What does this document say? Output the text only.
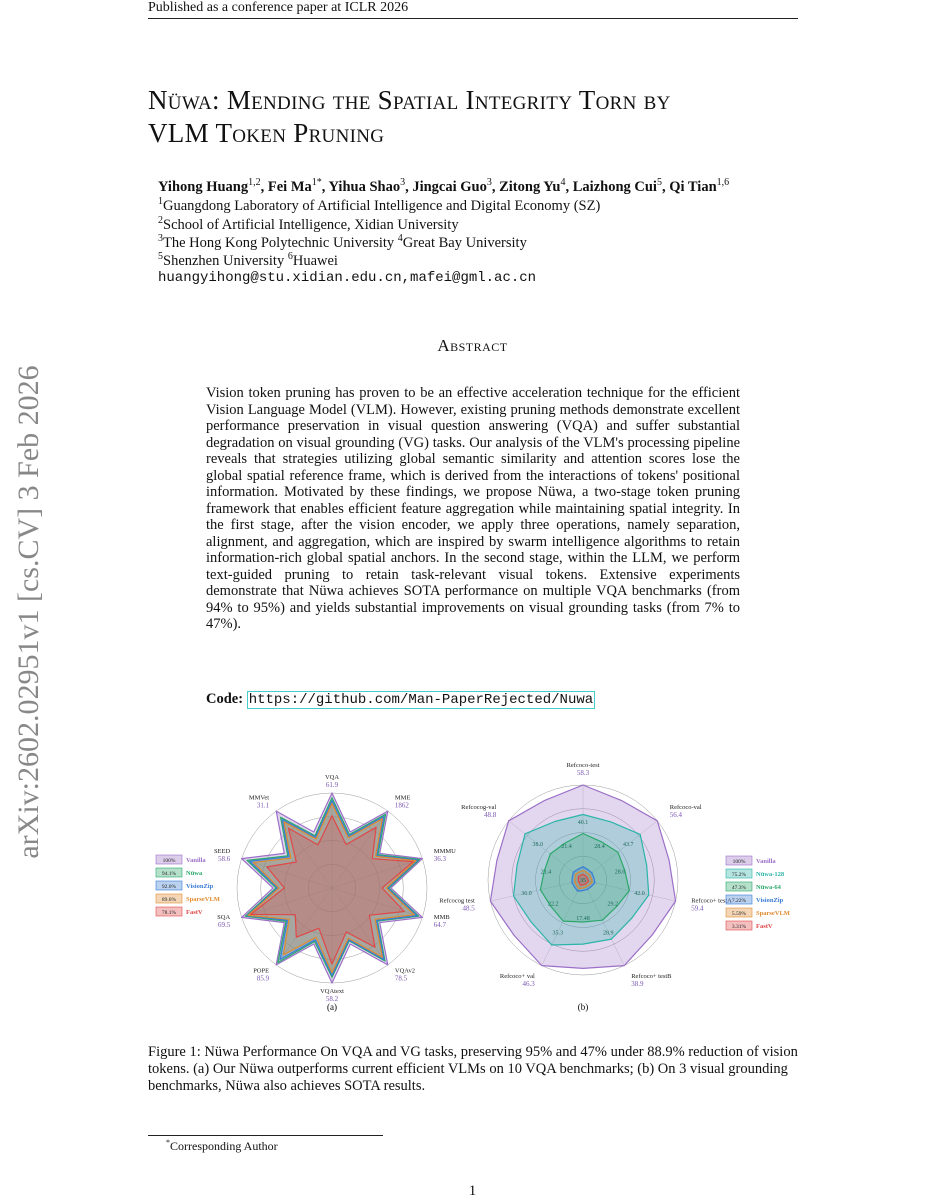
Published as a conference paper at ICLR 2026
Nüwa: Mending the Spatial Integrity Torn by
VLM Token Pruning
Yihong Huang$^{1,2}$, Fei $Ma^{1*}$, Yihua Shao$^3$, Jingcai Guo$^3$, Zitong Yu$^4$, Laizhong Cui$^5$, Qi Tian$^{1,6}$
$^1$Guangdong Laboratory of Artificial Intelligence and Digital Economy (SZ)
$^2$School of Artificial Intelligence, Xidian University
$^3$The Hong Kong Polytechnic University $^4$Great Bay University
$^5$Shenzhen University $^6$Huawei
huangyihong@stu.xidian.edu.cn,mafei@gml.ac.cn
arXiv:2602.02951v1 [cs.CV] 3 Feb 2026
Abstract
Vision token pruning has proven to be an effective acceleration technique for the efficient Vision Language Model (VLM). However, existing pruning methods demonstrate excellent performance preservation in visual question answering (VQA) and suffer substantial degradation on visual grounding (VG) tasks. Our analysis of the VLM's processing pipeline reveals that strategies utilizing global semantic similarity and attention scores lose the global spatial reference frame, which is derived from the interactions of tokens' positional information. Motivated by these findings, we propose Nüwa, a two-stage token pruning framework that enables efficient feature aggregation while maintaining spatial integrity. In the first stage, after the vision encoder, we apply three operations, namely separation, alignment, and aggregation, which are inspired by swarm intelligence algorithms to retain information-rich global spatial anchors. In the second stage, within the LLM, we perform text-guided pruning to retain task-relevant visual tokens. Extensive experiments demonstrate that Nüwa achieves SOTA performance on multiple VQA benchmarks (from 94% to 95%) and yields substantial improvements on visual grounding tasks (from 7% to 47%).
Code: https://github.com/Man-PaperRejected/Nuwa
100% Vanilla
94.1% Nüwa
92.0% VisionZip
89.6% SparseVLM
78.1% FastV
VQA
61.9
MME
1862
MMMU
36.3
MMB
64.7
VQAv2
78.5
VQAtext
58.2
POPE
85.9
SQA
69.5
SEED
58.6
MMVet
31.1
(a)
Refcoco-test
58.3
Refcoco-val
56.4
Refcoco+ testA
59.4
Refcoco+ testB
38.9
Refcoco+ val
46.3
Refcocog test
48.5
Refcocog-val
48.8
40.1
43.7
42.0
28.9
35.3
36.0
38.0	28.4
28.6
29.2
17.48
22.2
21.4
21.4
35
100% Vanilla
75.2% Nüwa-128
47.3% Nüwa-64
7.22% VisionZip
5.59% SparseVLM
3.31% FastV
(b)
Figure 1: Nüwa Performance On VQA and VG tasks, preserving 95% and 47% under 88.9% reduction of vision tokens. (a) Our Nüwa outperforms current efficient VLMs on 10 VQA benchmarks; (b) On 3 visual grounding benchmarks, Nüwa also achieves SOTA results.
*Corresponding Author
1
